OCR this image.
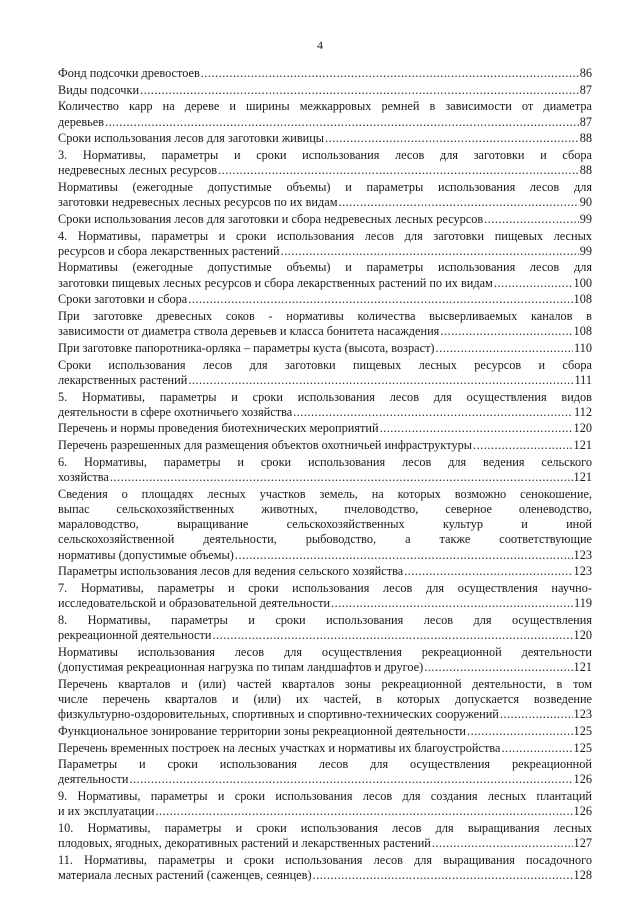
4
Фонд подсочки древостоев .....	86
Виды подсочки .....	87
Количество карр на дереве и ширины межкарровых ремней в зависимости от диаметра
деревьев .....	87
Сроки использования лесов для заготовки живицы .....	88
3. Нормативы, параметры и сроки использования лесов для заготовки и сбора
недревесных лесных ресурсов .....	88
Нормативы (ежегодные допустимые объемы) и параметры использования лесов для
заготовки недревесных лесных ресурсов по их видам .....	90
Сроки использования лесов для заготовки и сбора недревесных лесных ресурсов .....	99
4. Нормативы, параметры и сроки использования лесов для заготовки пищевых лесных
ресурсов и сбора лекарственных растений .....	99
Нормативы (ежегодные допустимые объемы) и параметры использования лесов для
заготовки пищевых лесных ресурсов и сбора лекарственных растений по их видам .....	100
Сроки заготовки и сбора .....	108
При заготовке древесных соков - нормативы количества высверливаемых каналов в
зависимости от диаметра ствола деревьев и класса бонитета насаждения .....	108
При заготовке папоротника-орляка – параметры куста (высота, возраст) .....	110
Сроки использования лесов для заготовки пищевых лесных ресурсов и сбора
лекарственных растений .....	111
5. Нормативы, параметры и сроки использования лесов для осуществления видов
деятельности в сфере охотничьего хозяйства .....	112
Перечень и нормы проведения биотехнических мероприятий .....	120
Перечень разрешенных для размещения объектов охотничьей инфраструктуры .....	121
6. Нормативы, параметры и сроки использования лесов для ведения сельского
хозяйства .....	121
Сведения о площадях лесных участков земель, на которых возможно сенокошение,
выпас сельскохозяйственных животных, пчеловодство, северное оленеводство,
мараловодство, выращивание сельскохозяйственных культур и иной
сельскохозяйственной деятельности, рыбоводство, а также соответствующие
нормативы (допустимые объемы) .....	123
Параметры использования лесов для ведения сельского хозяйства .....	123
7. Нормативы, параметры и сроки использования лесов для осуществления научно-
исследовательской и образовательной деятельности .....	119
8. Нормативы, параметры и сроки использования лесов для осуществления
рекреационной деятельности .....	120
Нормативы использования лесов для осуществления рекреационной деятельности
(допустимая рекреационная нагрузка по типам ландшафтов и другое) .....	121
Перечень кварталов и (или) частей кварталов зоны рекреационной деятельности, в том
числе перечень кварталов и (или) их частей, в которых допускается возведение
физкультурно-оздоровительных, спортивных и спортивно-технических сооружений .....	123
Функциональное зонирование территории зоны рекреационной деятельности .....	125
Перечень временных построек на лесных участках и нормативы их благоустройства .....	125
Параметры и сроки использования лесов для осуществления рекреационной
деятельности .....	126
9. Нормативы, параметры и сроки использования лесов для создания лесных плантаций
и их эксплуатации .....	126
10. Нормативы, параметры и сроки использования лесов для выращивания лесных
плодовых, ягодных, декоративных растений и лекарственных растений .....	127
11. Нормативы, параметры и сроки использования лесов для выращивания посадочного
материала лесных растений (саженцев, сеянцев) .....	128
